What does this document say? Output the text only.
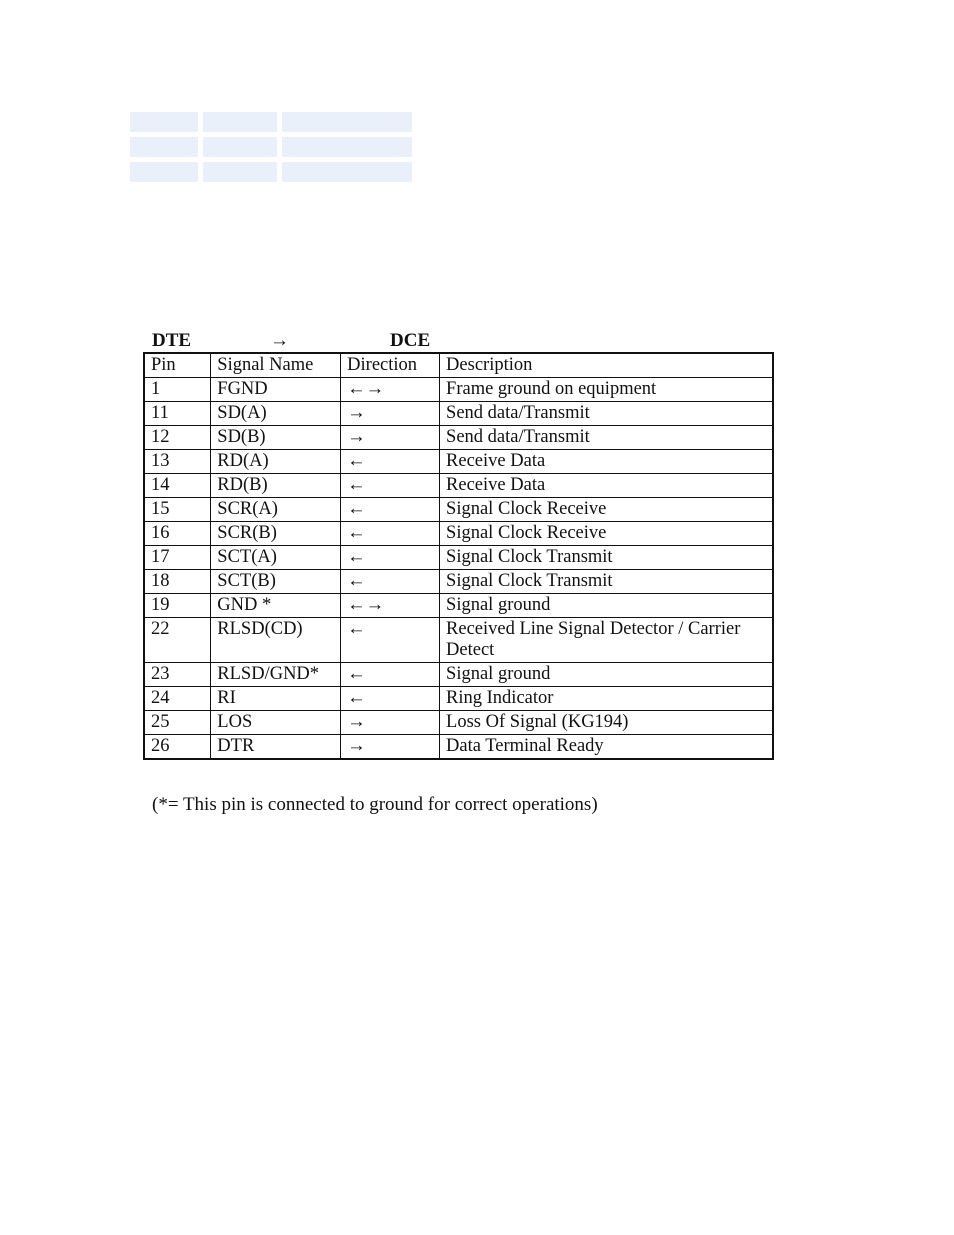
DTE	→	DCE
Pin	Signal Name	Direction	Description
1	FGND	←→	Frame ground on equipment
11	SD(A)	→	Send data/Transmit
12	SD(B)	→	Send data/Transmit
13	RD(A)	←	Receive Data
14	RD(B)	←	Receive Data
15	SCR(A)	←	Signal Clock Receive
16	SCR(B)	←	Signal Clock Receive
17	SCT(A)	←	Signal Clock Transmit
18	SCT(B)	←	Signal Clock Transmit
19	GND *	←→	Signal ground
22	RLSD(CD)	←	Received Line Signal Detector / Carrier Detect
23	RLSD/GND*	←	Signal ground
24	RI	←	Ring Indicator
25	LOS	→	Loss Of Signal (KG194)
26	DTR	→	Data Terminal Ready
(*= This pin is connected to ground for correct operations)
